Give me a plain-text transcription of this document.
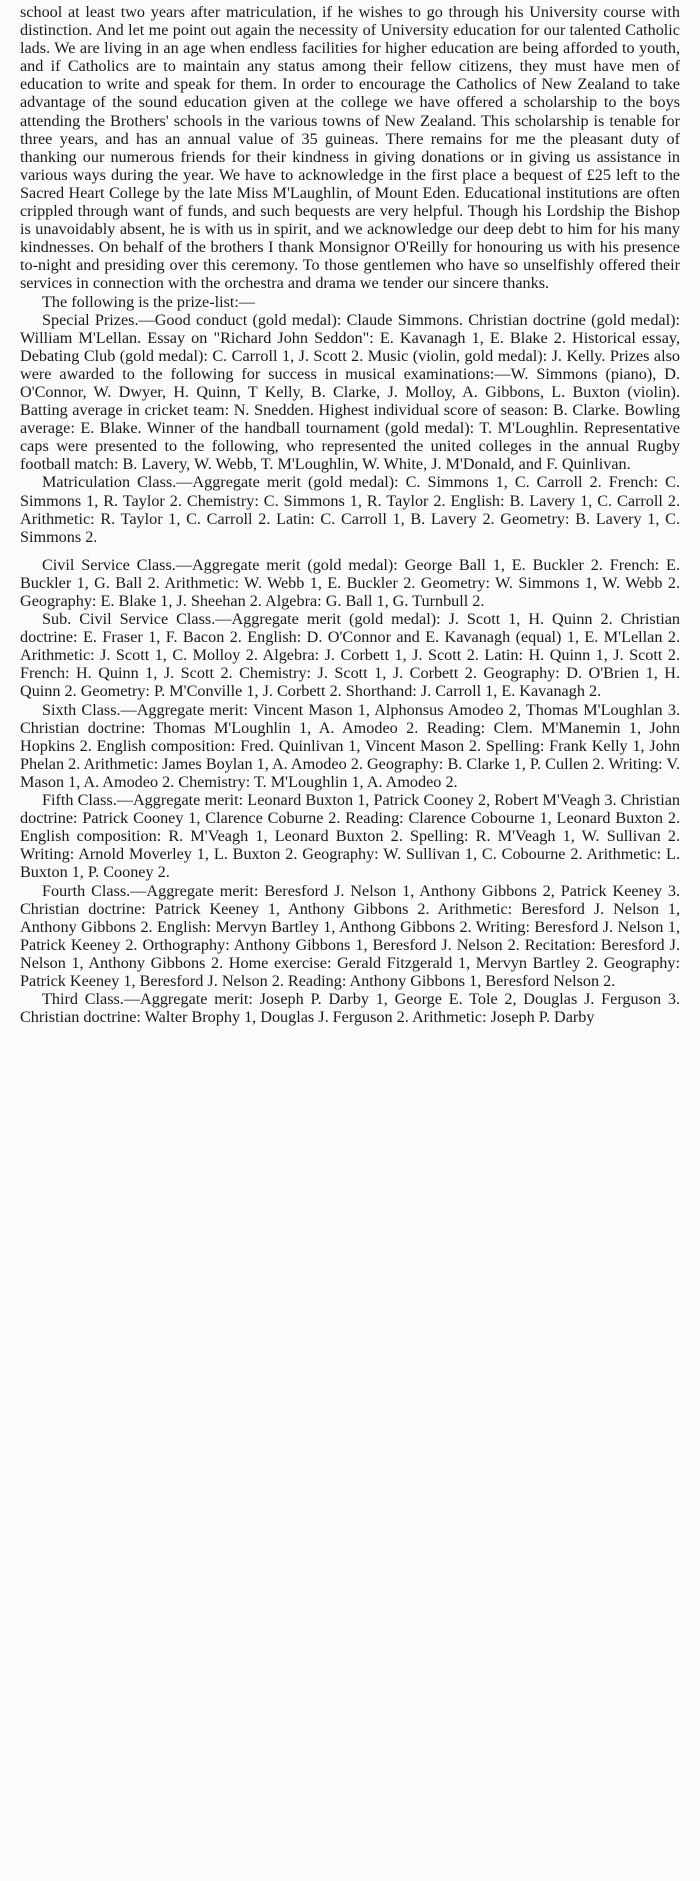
school at least two years after matriculation, if he wishes to go through his University course with distinction. And let me point out again the necessity of University education for our talented Catholic lads. We are living in an age when endless facilities for higher education are being afforded to youth, and if Catholics are to maintain any status among their fellow citizens, they must have men of education to write and speak for them. In order to encourage the Catholics of New Zealand to take advantage of the sound education given at the college we have offered a scholarship to the boys attending the Brothers' schools in the various towns of New Zealand. This scholarship is tenable for three years, and has an annual value of 35 guineas. There remains for me the pleasant duty of thanking our numerous friends for their kindness in giving donations or in giving us assistance in various ways during the year. We have to acknowledge in the first place a bequest of £25 left to the Sacred Heart College by the late Miss M'Laughlin, of Mount Eden. Educational institutions are often crippled through want of funds, and such bequests are very helpful. Though his Lordship the Bishop is unavoidably absent, he is with us in spirit, and we acknowledge our deep debt to him for his many kindnesses. On behalf of the brothers I thank Monsignor O'Reilly for honouring us with his presence to-night and presiding over this ceremony. To those gentlemen who have so unselfishly offered their services in connection with the orchestra and drama we tender our sincere thanks.

The following is the prize-list:—

Special Prizes.—Good conduct (gold medal): Claude Simmons. Christian doctrine (gold medal): William M'Lellan. Essay on "Richard John Seddon": E. Kavanagh 1, E. Blake 2. Historical essay, Debating Club (gold medal): C. Carroll 1, J. Scott 2. Music (violin, gold medal): J. Kelly. Prizes also were awarded to the following for success in musical examinations:—W. Simmons (piano), D. O'Connor, W. Dwyer, H. Quinn, T Kelly, B. Clarke, J. Molloy, A. Gibbons, L. Buxton (violin). Batting average in cricket team: N. Snedden. Highest individual score of season: B. Clarke. Bowling average: E. Blake. Winner of the handball tournament (gold medal): T. M'Loughlin. Representative caps were presented to the following, who represented the united colleges in the annual Rugby football match: B. Lavery, W. Webb, T. M'Loughlin, W. White, J. M'Donald, and F. Quinlivan.

Matriculation Class.—Aggregate merit (gold medal): C. Simmons 1, C. Carroll 2. French: C. Simmons 1, R. Taylor 2. Chemistry: C. Simmons 1, R. Taylor 2. English: B. Lavery 1, C. Carroll 2. Arithmetic: R. Taylor 1, C. Carroll 2. Latin: C. Carroll 1, B. Lavery 2. Geometry: B. Lavery 1, C. Simmons 2.

Civil Service Class.—Aggregate merit (gold medal): George Ball 1, E. Buckler 2. French: E. Buckler 1, G. Ball 2. Arithmetic: W. Webb 1, E. Buckler 2. Geometry: W. Simmons 1, W. Webb 2. Geography: E. Blake 1, J. Sheehan 2. Algebra: G. Ball 1, G. Turnbull 2.

Sub. Civil Service Class.—Aggregate merit (gold medal): J. Scott 1, H. Quinn 2. Christian doctrine: E. Fraser 1, F. Bacon 2. English: D. O'Connor and E. Kavanagh (equal) 1, E. M'Lellan 2. Arithmetic: J. Scott 1, C. Molloy 2. Algebra: J. Corbett 1, J. Scott 2. Latin: H. Quinn 1, J. Scott 2. French: H. Quinn 1, J. Scott 2. Chemistry: J. Scott 1, J. Corbett 2. Geography: D. O'Brien 1, H. Quinn 2. Geometry: P. M'Conville 1, J. Corbett 2. Shorthand: J. Carroll 1, E. Kavanagh 2.

Sixth Class.—Aggregate merit: Vincent Mason 1, Alphonsus Amodeo 2, Thomas M'Loughlan 3. Christian doctrine: Thomas M'Loughlin 1, A. Amodeo 2. Reading: Clem. M'Manemin 1, John Hopkins 2. English composition: Fred. Quinlivan 1, Vincent Mason 2. Spelling: Frank Kelly 1, John Phelan 2. Arithmetic: James Boylan 1, A. Amodeo 2. Geography: B. Clarke 1, P. Cullen 2. Writing: V. Mason 1, A. Amodeo 2. Chemistry: T. M'Loughlin 1, A. Amodeo 2.

Fifth Class.—Aggregate merit: Leonard Buxton 1, Patrick Cooney 2, Robert M'Veagh 3. Christian doctrine: Patrick Cooney 1, Clarence Coburne 2. Reading: Clarence Cobourne 1, Leonard Buxton 2. English composition: R. M'Veagh 1, Leonard Buxton 2. Spelling: R. M'Veagh 1, W. Sullivan 2. Writing: Arnold Moverley 1, L. Buxton 2. Geography: W. Sullivan 1, C. Cobourne 2. Arithmetic: L. Buxton 1, P. Cooney 2.

Fourth Class.—Aggregate merit: Beresford J. Nelson 1, Anthony Gibbons 2, Patrick Keeney 3. Christian doctrine: Patrick Keeney 1, Anthony Gibbons 2. Arithmetic: Beresford J. Nelson 1, Anthony Gibbons 2. English: Mervyn Bartley 1, Anthong Gibbons 2. Writing: Beresford J. Nelson 1, Patrick Keeney 2. Orthography: Anthony Gibbons 1, Beresford J. Nelson 2. Recitation: Beresford J. Nelson 1, Anthony Gibbons 2. Home exercise: Gerald Fitzgerald 1, Mervyn Bartley 2. Geography: Patrick Keeney 1, Beresford J. Nelson 2. Reading: Anthony Gibbons 1, Beresford Nelson 2.

Third Class.—Aggregate merit: Joseph P. Darby 1, George E. Tole 2, Douglas J. Ferguson 3. Christian doctrine: Walter Brophy 1, Douglas J. Ferguson 2. Arithmetic: Joseph P. Darby
